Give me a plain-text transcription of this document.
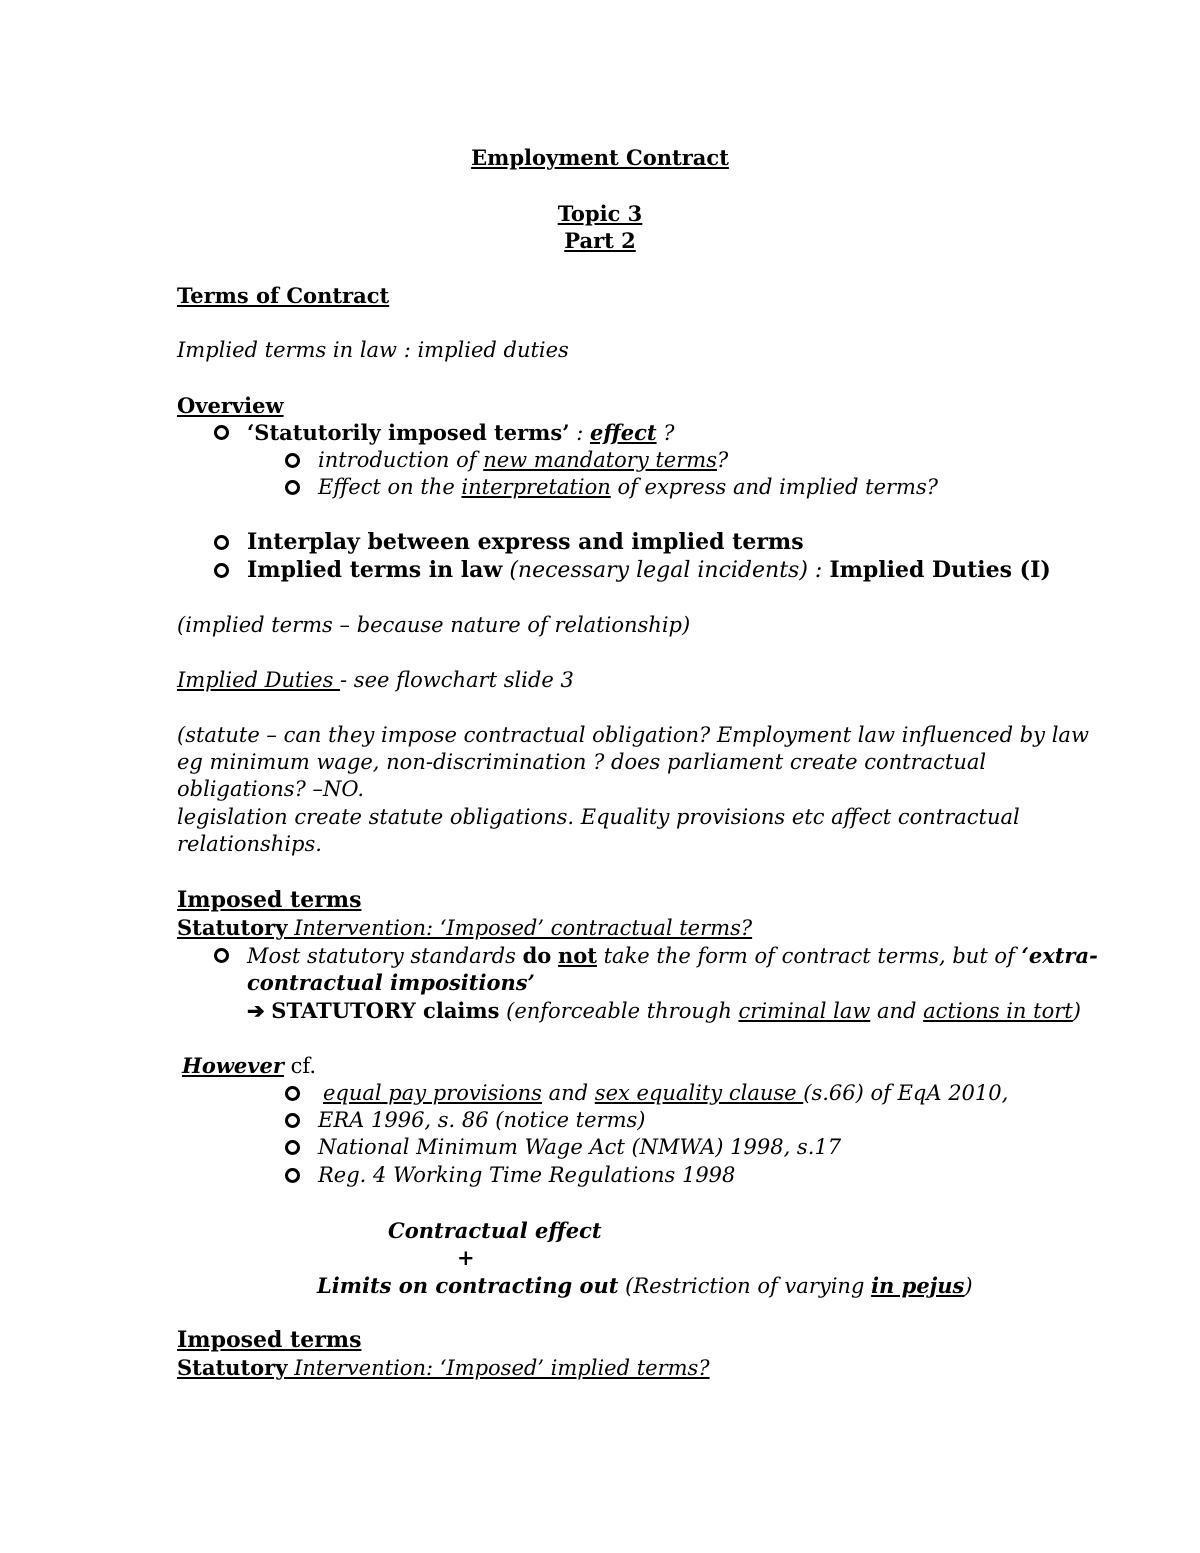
Employment Contract
Topic 3
Part 2
Terms of Contract
Implied terms in law : implied duties
Overview
‘Statutorily imposed terms’ : effect ?
introduction of new mandatory terms?
Effect on the interpretation of express and implied terms?
Interplay between express and implied terms
Implied terms in law (necessary legal incidents) : Implied Duties (I)
(implied terms – because nature of relationship)
Implied Duties - see flowchart slide 3
(statute – can they impose contractual obligation? Employment law influenced by law
eg minimum wage, non-discrimination ? does parliament create contractual
obligations? –NO.
legislation create statute obligations. Equality provisions etc affect contractual
relationships.
Imposed terms
Statutory Intervention: ‘Imposed’ contractual terms?
Most statutory standards do not take the form of contract terms, but of ‘extra-
contractual impositions’
➔ STATUTORY claims (enforceable through criminal law and actions in tort)
However cf.
equal pay provisions and sex equality clause (s.66) of EqA 2010,
ERA 1996, s. 86 (notice terms)
National Minimum Wage Act (NMWA) 1998, s.17
Reg. 4 Working Time Regulations 1998
Contractual effect
+
Limits on contracting out (Restriction of varying in pejus)
Imposed terms
Statutory Intervention: ‘Imposed’ implied terms?
